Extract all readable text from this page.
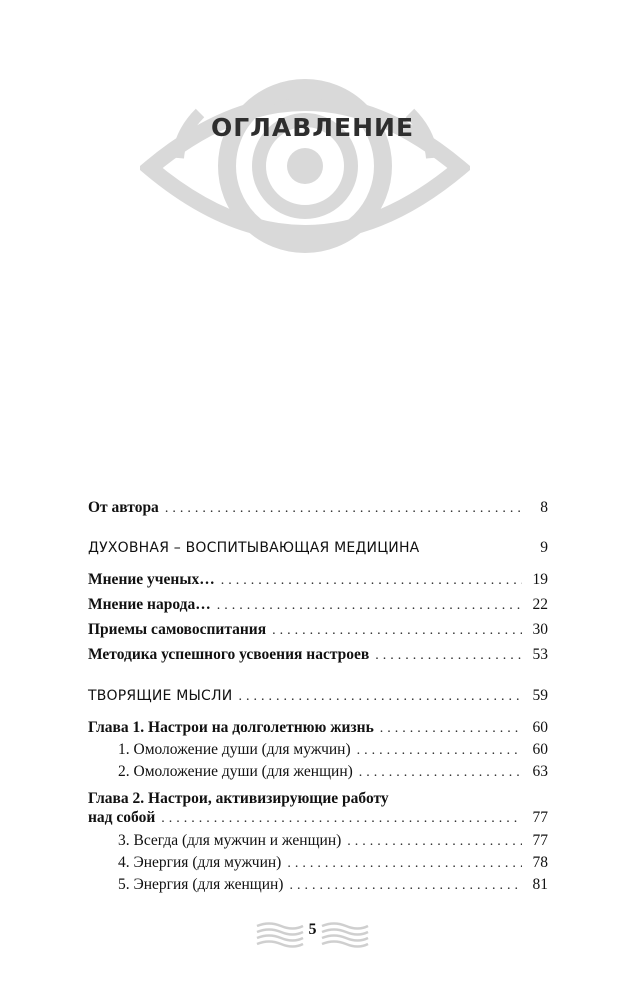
ОГЛАВЛЕНИЕ
От автора .....	8
ДУХОВНАЯ – ВОСПИТЫВАЮЩАЯ МЕДИЦИНА	9
Мнение ученых… .....	19
Мнение народа… .....	22
Приемы самовоспитания .....	30
Методика успешного усвоения настроев .....	53
ТВОРЯЩИЕ МЫСЛИ .....	59
Глава 1. Настрои на долголетнюю жизнь .....	60
1. Омоложение души (для мужчин) .....	60
2. Омоложение души (для женщин) .....	63
Глава 2. Настрои, активизирующие работу
над собой .....	77
3. Всегда (для мужчин и женщин) .....	77
4. Энергия (для мужчин) .....	78
5. Энергия (для женщин) .....	81
5
